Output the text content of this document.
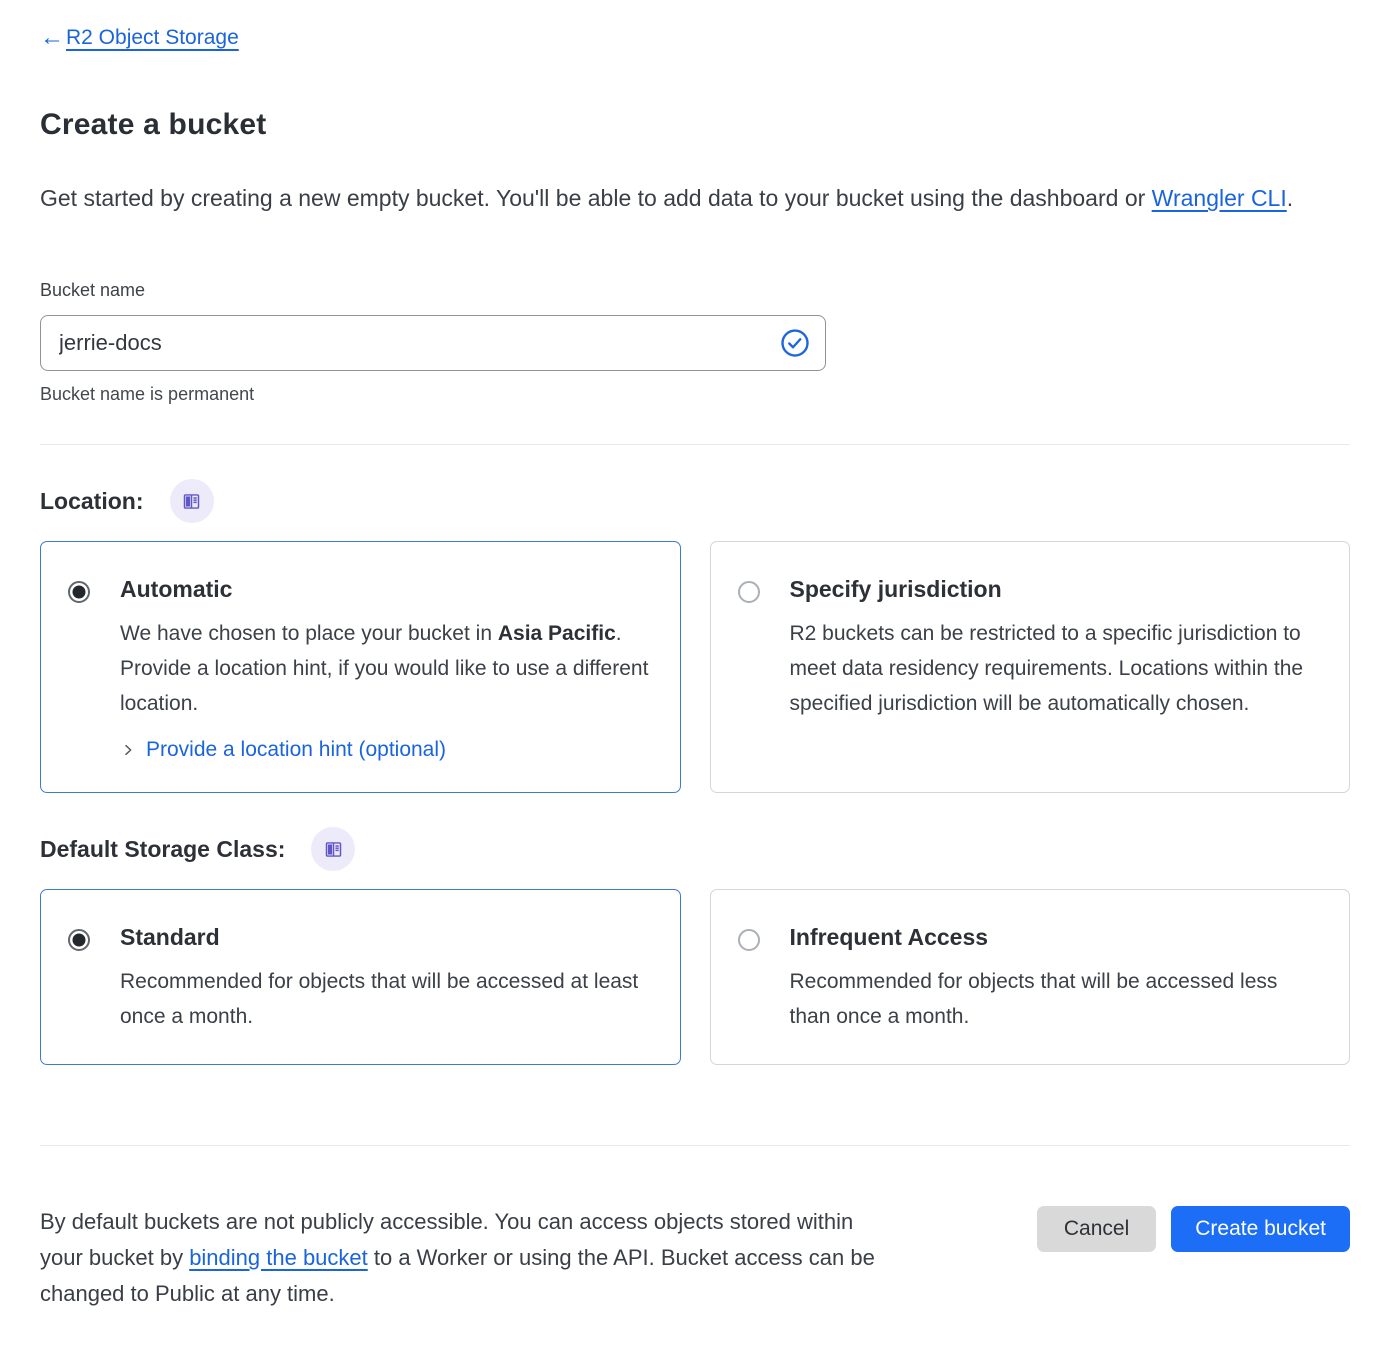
← R2 Object Storage
Create a bucket

Get started by creating a new empty bucket. You'll be able to add data to your bucket using the dashboard or Wrangler CLI.

Bucket name
jerrie-docs
Bucket name is permanent
Location:
Automatic
We have chosen to place your bucket in Asia Pacific. Provide a location hint, if you would like to use a different location.
Provide a location hint (optional)
Specify jurisdiction
R2 buckets can be restricted to a specific jurisdiction to meet data residency requirements. Locations within the specified jurisdiction will be automatically chosen.
Default Storage Class:
Standard
Recommended for objects that will be accessed at least once a month.
Infrequent Access
Recommended for objects that will be accessed less than once a month.

By default buckets are not publicly accessible. You can access objects stored within your bucket by binding the bucket to a Worker or using the API. Bucket access can be changed to Public at any time.

Cancel	Create bucket
